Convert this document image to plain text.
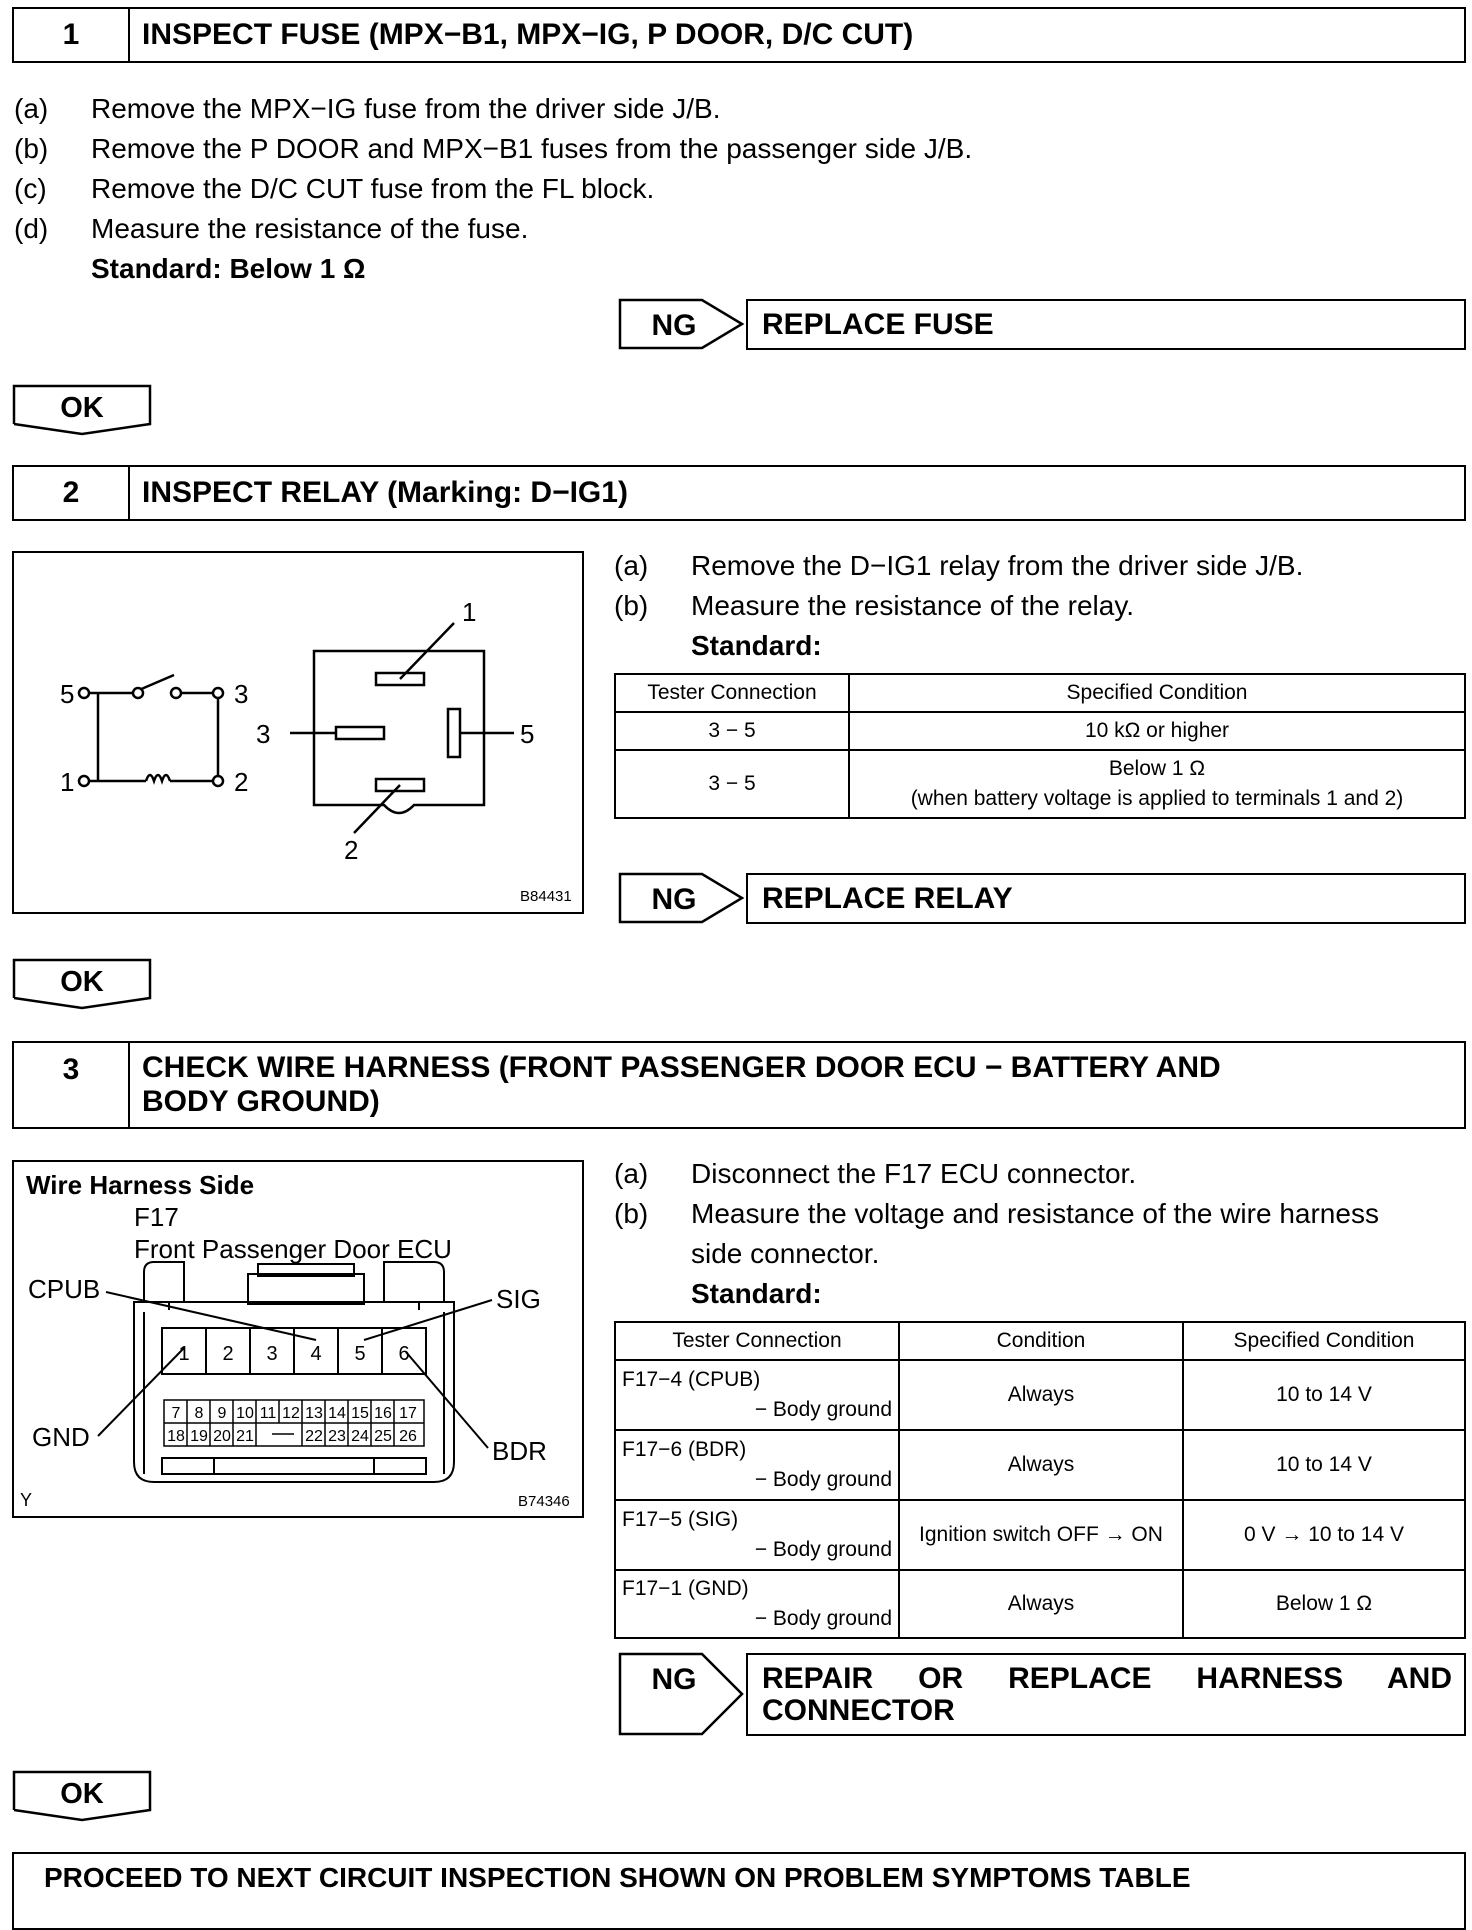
1	INSPECT FUSE (MPX−B1, MPX−IG, P DOOR, D/C CUT)
(a)	Remove the MPX−IG fuse from the driver side J/B.
(b)	Remove the P DOOR and MPX−B1 fuses from the passenger side J/B.
(c)	Remove the D/C CUT fuse from the FL block.
(d)	Measure the resistance of the fuse.
Standard: Below 1 Ω
NG	REPLACE FUSE
OK
2	INSPECT RELAY (Marking: D−IG1)
5	3
1	2
1
3	5
2
B84431
(a)	Remove the D−IG1 relay from the driver side J/B.
(b)	Measure the resistance of the relay.
Standard:
Tester Connection	Specified Condition
3 − 5	10 kΩ or higher
3 − 5	Below 1 Ω
(when battery voltage is applied to terminals 1 and 2)
NG	REPLACE RELAY
OK
3	CHECK WIRE HARNESS (FRONT PASSENGER DOOR ECU − BATTERY AND
BODY GROUND)
Wire Harness Side
F17
Front Passenger Door ECU
CPUB	SIG
GND	BDR
Y	B74346
1 2 3 4 5 6
7 8 9 10 11 12 13 14 15 16 17
18 19 20 21	22 23 24 25 26
(a)	Disconnect the F17 ECU connector.
(b)	Measure the voltage and resistance of the wire harness
side connector.
Standard:
Tester Connection	Condition	Specified Condition

F17−4 (CPUB)
− Body ground	Always	10 to 14 V

F17−6 (BDR)
− Body ground	Always	10 to 14 V

F17−5 (SIG)
− Body ground	Ignition switch OFF → ON	0 V → 10 to 14 V

F17−1 (GND)
− Body ground	Always	Below 1 Ω
NG REPAIR OR REPLACE HARNESS AND
CONNECTOR
OK
PROCEED TO NEXT CIRCUIT INSPECTION SHOWN ON PROBLEM SYMPTOMS TABLE
